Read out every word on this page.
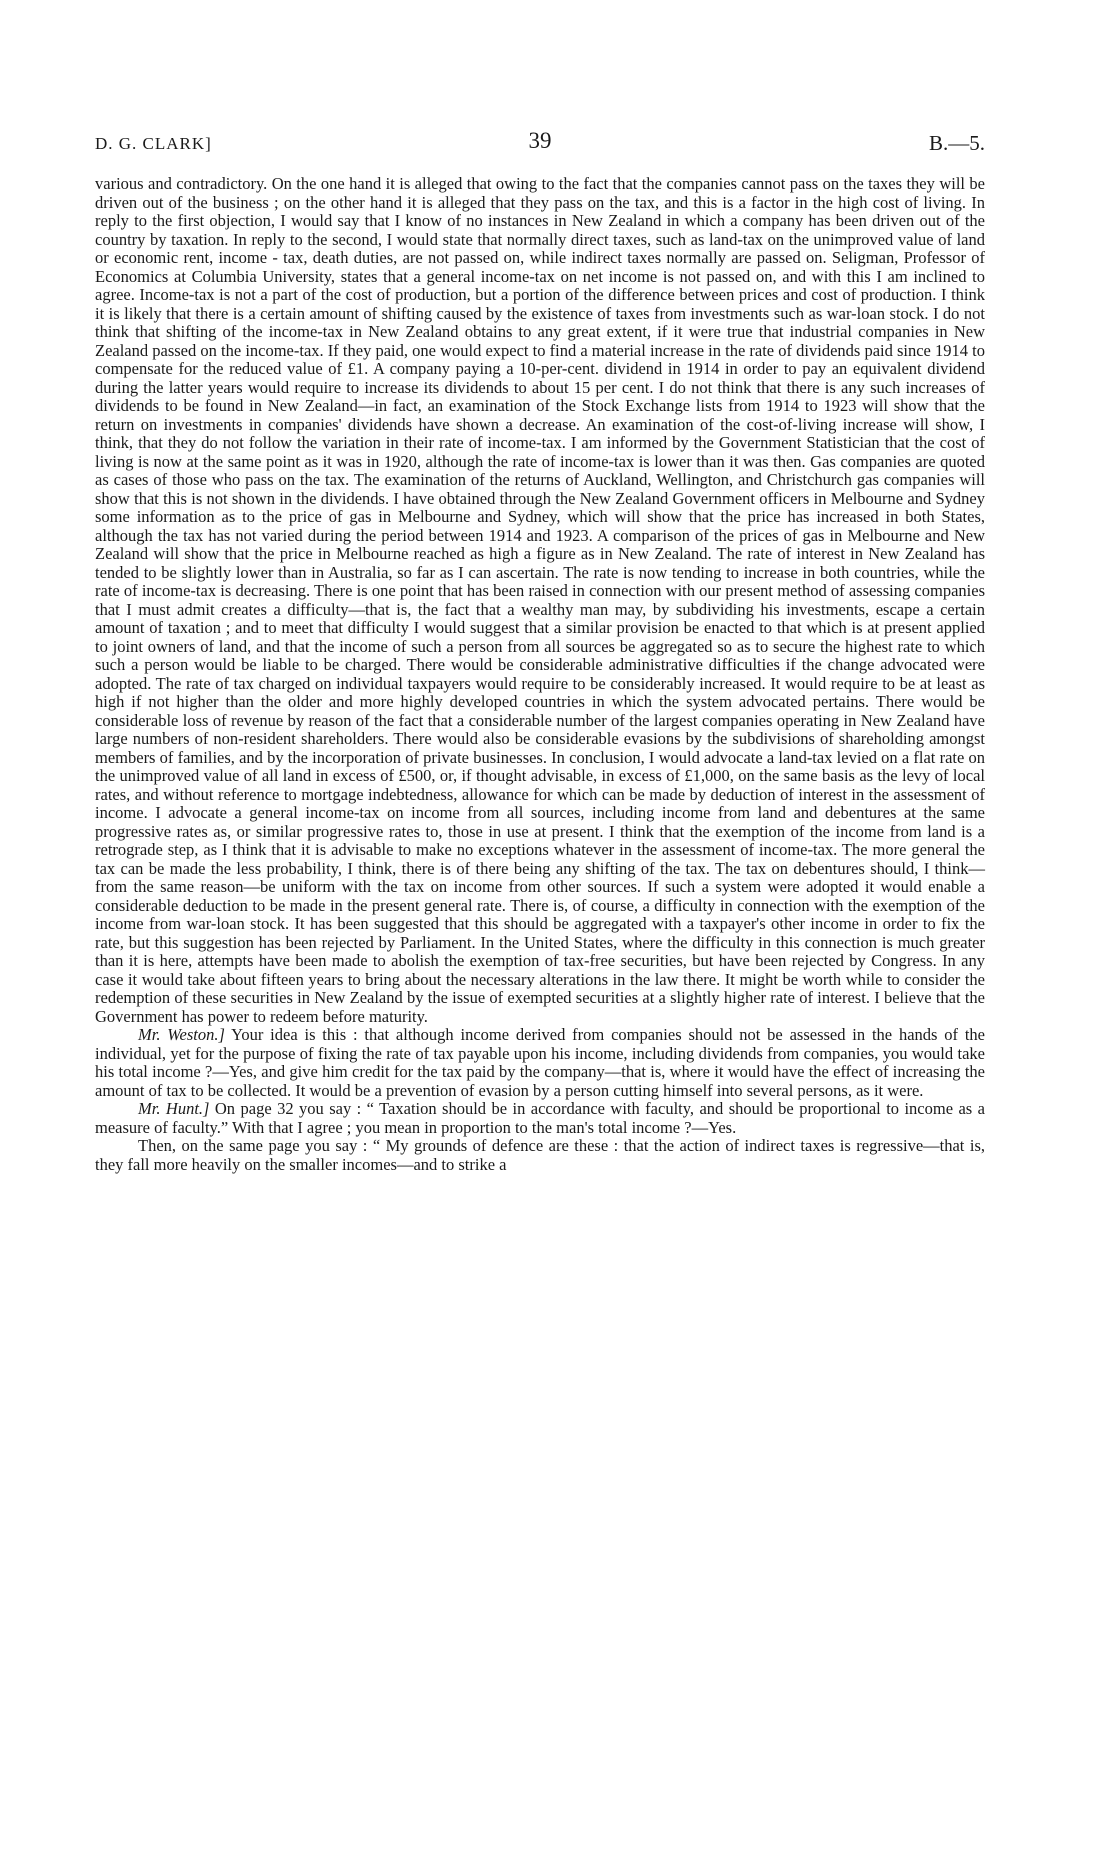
D. G. CLARK]	39	B.—5.

various and contradictory. On the one hand it is alleged that owing to the fact that the companies cannot pass on the taxes they will be driven out of the business ; on the other hand it is alleged that they pass on the tax, and this is a factor in the high cost of living. In reply to the first objection, I would say that I know of no instances in New Zealand in which a company has been driven out of the country by taxation. In reply to the second, I would state that normally direct taxes, such as land-tax on the unimproved value of land or economic rent, income - tax, death duties, are not passed on, while indirect taxes normally are passed on. Seligman, Professor of Economics at Columbia University, states that a general income-tax on net income is not passed on, and with this I am inclined to agree. Income-tax is not a part of the cost of production, but a portion of the difference between prices and cost of production. I think it is likely that there is a certain amount of shifting caused by the existence of taxes from investments such as war-loan stock. I do not think that shifting of the income-tax in New Zealand obtains to any great extent, if it were true that industrial companies in New Zealand passed on the income-tax. If they paid, one would expect to find a material increase in the rate of dividends paid since 1914 to compensate for the reduced value of £1. A company paying a 10-per-cent. dividend in 1914 in order to pay an equivalent dividend during the latter years would require to increase its dividends to about 15 per cent. I do not think that there is any such increases of dividends to be found in New Zealand—in fact, an examination of the Stock Exchange lists from 1914 to 1923 will show that the return on investments in companies' dividends have shown a decrease. An examination of the cost-of-living increase will show, I think, that they do not follow the variation in their rate of income-tax. I am informed by the Government Statistician that the cost of living is now at the same point as it was in 1920, although the rate of income-tax is lower than it was then. Gas companies are quoted as cases of those who pass on the tax. The examination of the returns of Auckland, Wellington, and Christchurch gas companies will show that this is not shown in the dividends. I have obtained through the New Zealand Government officers in Melbourne and Sydney some information as to the price of gas in Melbourne and Sydney, which will show that the price has increased in both States, although the tax has not varied during the period between 1914 and 1923. A comparison of the prices of gas in Melbourne and New Zealand will show that the price in Melbourne reached as high a figure as in New Zealand. The rate of interest in New Zealand has tended to be slightly lower than in Australia, so far as I can ascertain. The rate is now tending to increase in both countries, while the rate of income-tax is decreasing. There is one point that has been raised in connection with our present method of assessing companies that I must admit creates a difficulty—that is, the fact that a wealthy man may, by subdividing his investments, escape a certain amount of taxation ; and to meet that difficulty I would suggest that a similar provision be enacted to that which is at present applied to joint owners of land, and that the income of such a person from all sources be aggregated so as to secure the highest rate to which such a person would be liable to be charged. There would be considerable administrative difficulties if the change advocated were adopted. The rate of tax charged on individual taxpayers would require to be considerably increased. It would require to be at least as high if not higher than the older and more highly developed countries in which the system advocated pertains. There would be considerable loss of revenue by reason of the fact that a considerable number of the largest companies operating in New Zealand have large numbers of non-resident shareholders. There would also be considerable evasions by the subdivisions of shareholding amongst members of families, and by the incorporation of private businesses. In conclusion, I would advocate a land-tax levied on a flat rate on the unimproved value of all land in excess of £500, or, if thought advisable, in excess of £1,000, on the same basis as the levy of local rates, and without reference to mortgage indebtedness, allowance for which can be made by deduction of interest in the assessment of income. I advocate a general income-tax on income from all sources, including income from land and debentures at the same progressive rates as, or similar progressive rates to, those in use at present. I think that the exemption of the income from land is a retrograde step, as I think that it is advisable to make no exceptions whatever in the assessment of income-tax. The more general the tax can be made the less probability, I think, there is of there being any shifting of the tax. The tax on debentures should, I think—from the same reason—be uniform with the tax on income from other sources. If such a system were adopted it would enable a considerable deduction to be made in the present general rate. There is, of course, a difficulty in connection with the exemption of the income from war-loan stock. It has been suggested that this should be aggregated with a taxpayer's other income in order to fix the rate, but this suggestion has been rejected by Parliament. In the United States, where the difficulty in this connection is much greater than it is here, attempts have been made to abolish the exemption of tax-free securities, but have been rejected by Congress. In any case it would take about fifteen years to bring about the necessary alterations in the law there. It might be worth while to consider the redemption of these securities in New Zealand by the issue of exempted securities at a slightly higher rate of interest. I believe that the Government has power to redeem before maturity.

Mr. Weston.] Your idea is this : that although income derived from companies should not be assessed in the hands of the individual, yet for the purpose of fixing the rate of tax payable upon his income, including dividends from companies, you would take his total income ?—Yes, and give him credit for the tax paid by the company—that is, where it would have the effect of increasing the amount of tax to be collected. It would be a prevention of evasion by a person cutting himself into several persons, as it were.

Mr. Hunt.] On page 32 you say : “ Taxation should be in accordance with faculty, and should be proportional to income as a measure of faculty.” With that I agree ; you mean in proportion to the man's total income ?—Yes.

Then, on the same page you say : “ My grounds of defence are these : that the action of indirect taxes is regressive—that is, they fall more heavily on the smaller incomes—and to strike a
